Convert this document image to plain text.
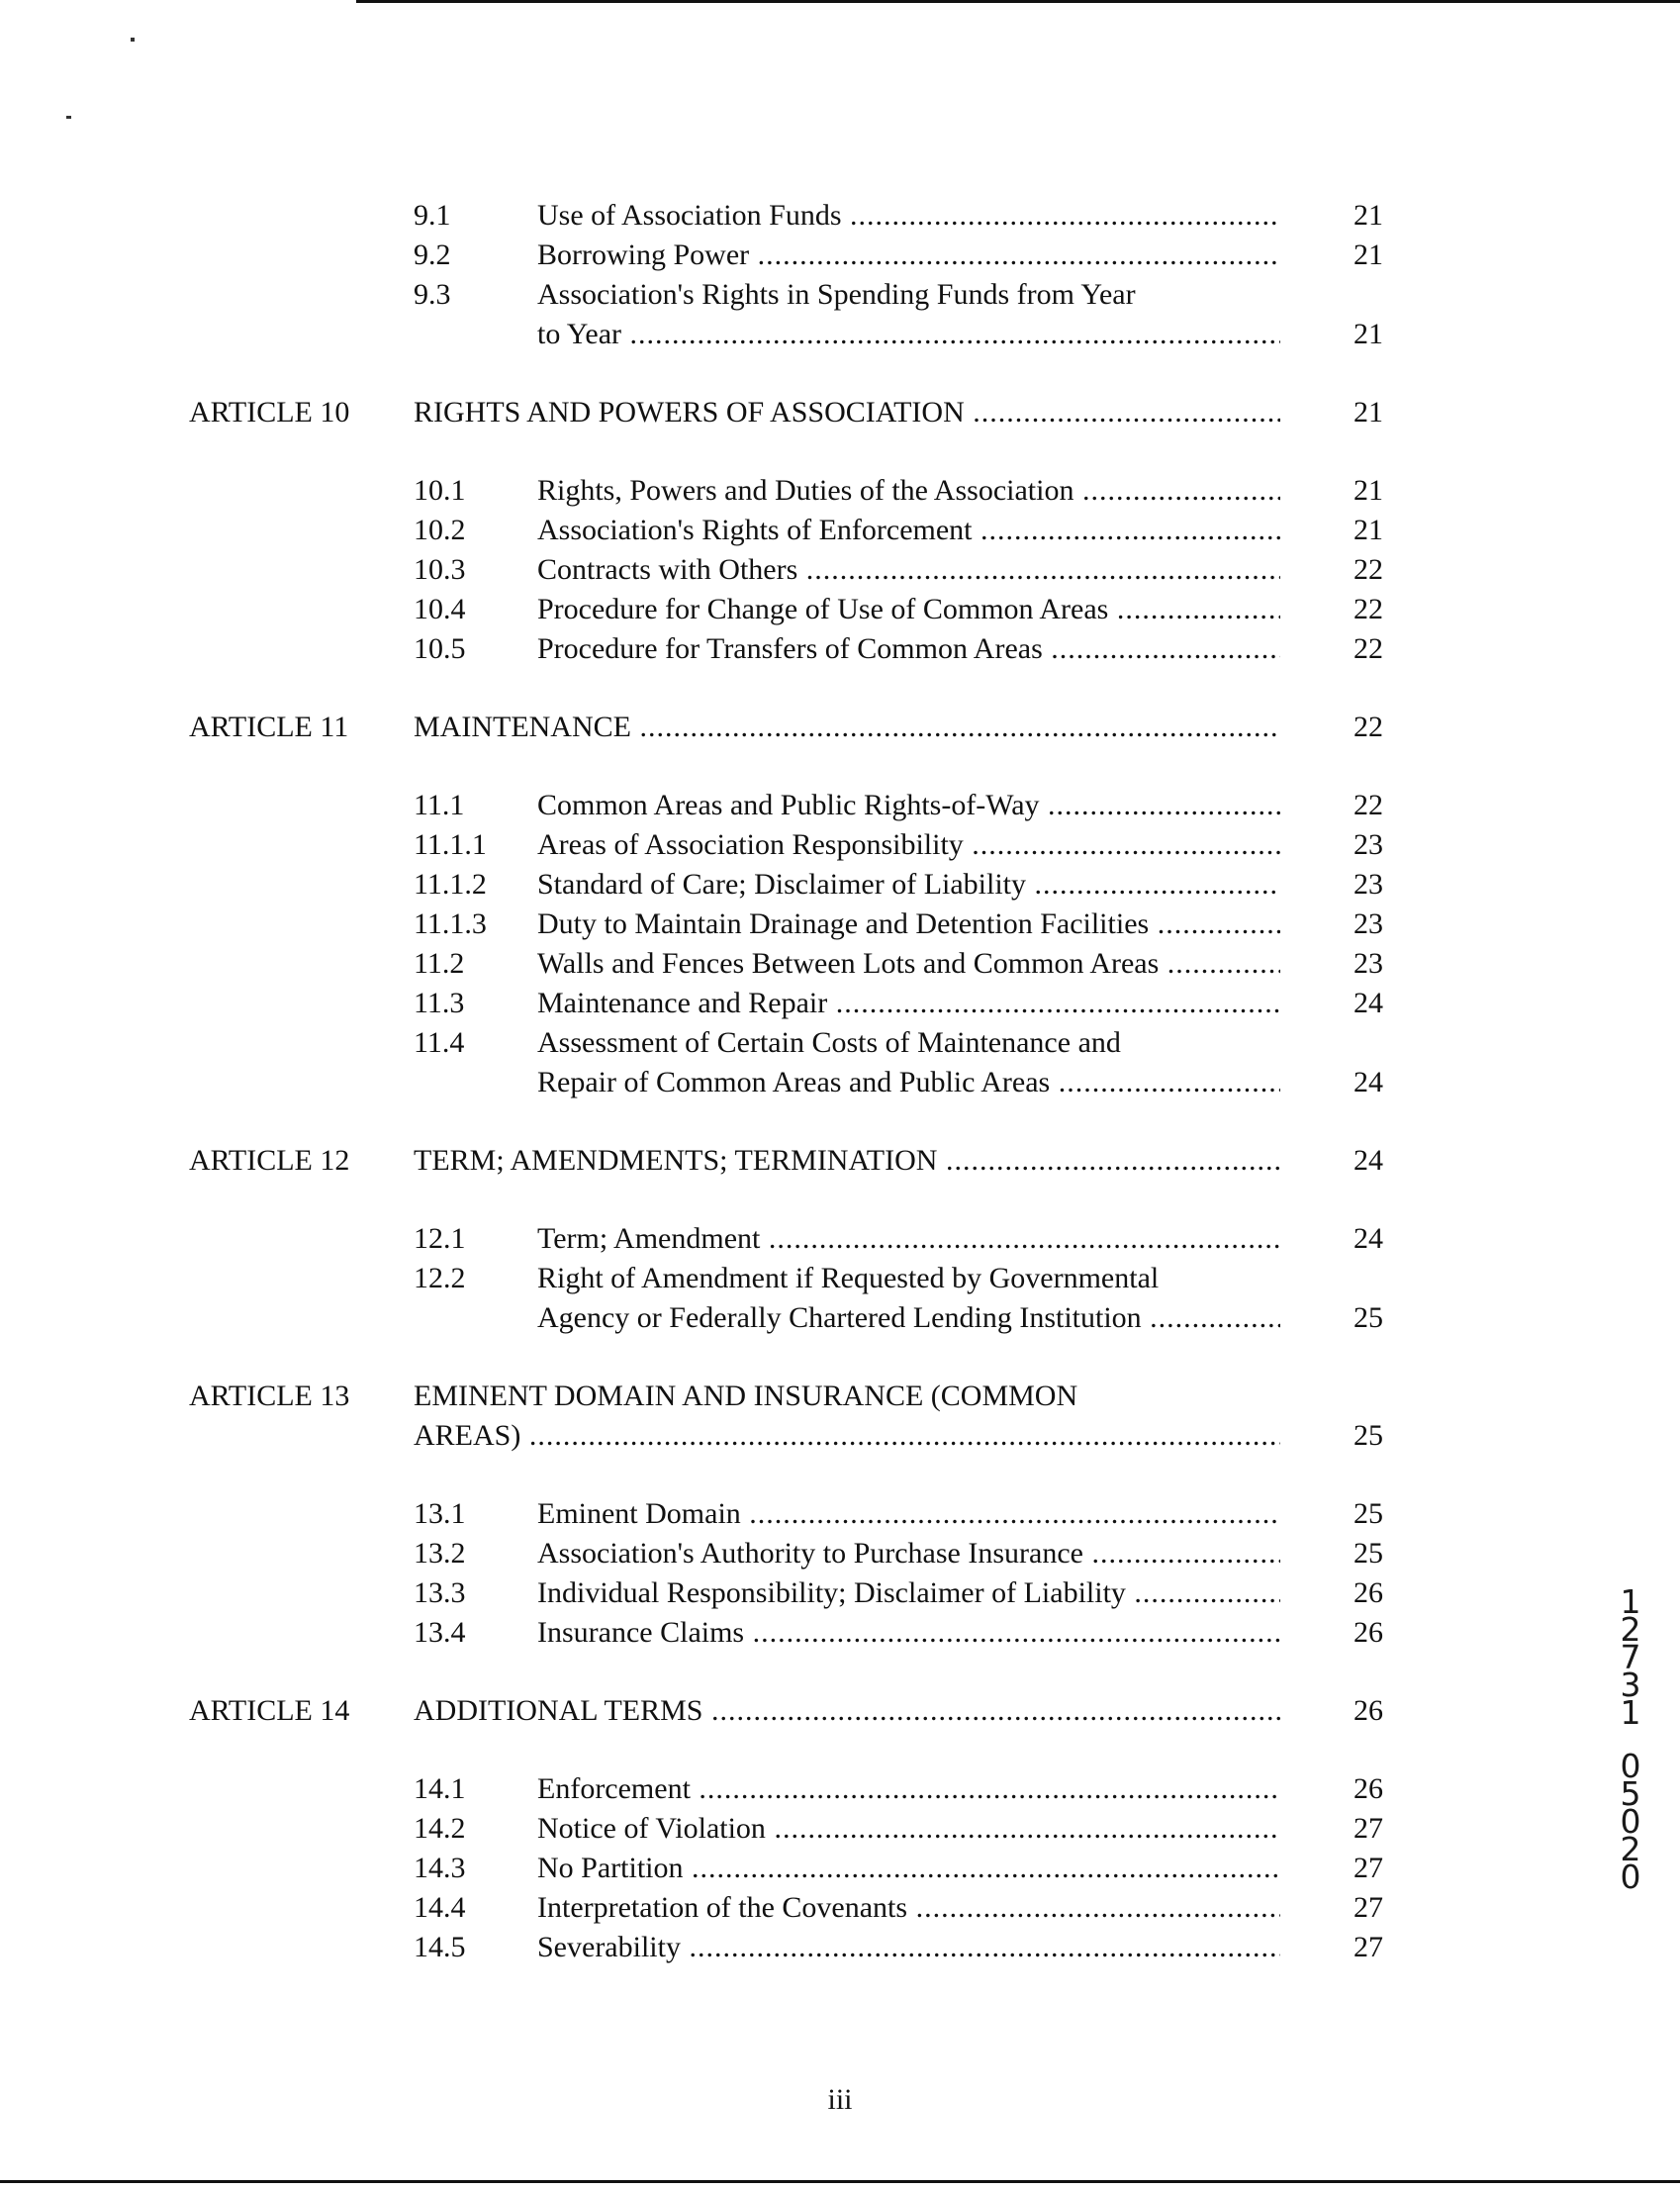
9.1	Use of Association Funds .....	21
9.2	Borrowing Power .....	21
9.3	Association's Rights in Spending Funds from Year
to Year .....	21
ARTICLE 10 RIGHTS AND POWERS OF ASSOCIATION .....	21
10.1 Rights, Powers and Duties of the Association .....	21
10.2 Association's Rights of Enforcement .....	21
10.3 Contracts with Others .....	22
10.4 Procedure for Change of Use of Common Areas .....	22
10.5 Procedure for Transfers of Common Areas .....	22
ARTICLE 11 MAINTENANCE .....	22
11.1 Common Areas and Public Rights-of-Way .....	22
11.1.1 Areas of Association Responsibility .....	23
11.1.2 Standard of Care; Disclaimer of Liability .....	23
11.1.3 Duty to Maintain Drainage and Detention Facilities .....	23
11.2 Walls and Fences Between Lots and Common Areas .....	23
11.3 Maintenance and Repair .....	24
11.4 Assessment of Certain Costs of Maintenance and
Repair of Common Areas and Public Areas .....	24
ARTICLE 12 TERM; AMENDMENTS; TERMINATION .....	24
12.1 Term; Amendment .....	24
12.2 Right of Amendment if Requested by Governmental
Agency or Federally Chartered Lending Institution .....	25
ARTICLE 13 EMINENT DOMAIN AND INSURANCE (COMMON
AREAS) .....	25
13.1 Eminent Domain .....	25
13.2 Association's Authority to Purchase Insurance .....	25
13.3 Individual Responsibility; Disclaimer of Liability .....	26
13.4 Insurance Claims .....	26
ARTICLE 14 ADDITIONAL TERMS .....	26
14.1 Enforcement .....	26
14.2 Notice of Violation .....	27
14.3 No Partition .....	27
14.4 Interpretation of the Covenants .....	27
14.5 Severability .....	27
iii
1
2
7
3
1
0
5
0
2
0
